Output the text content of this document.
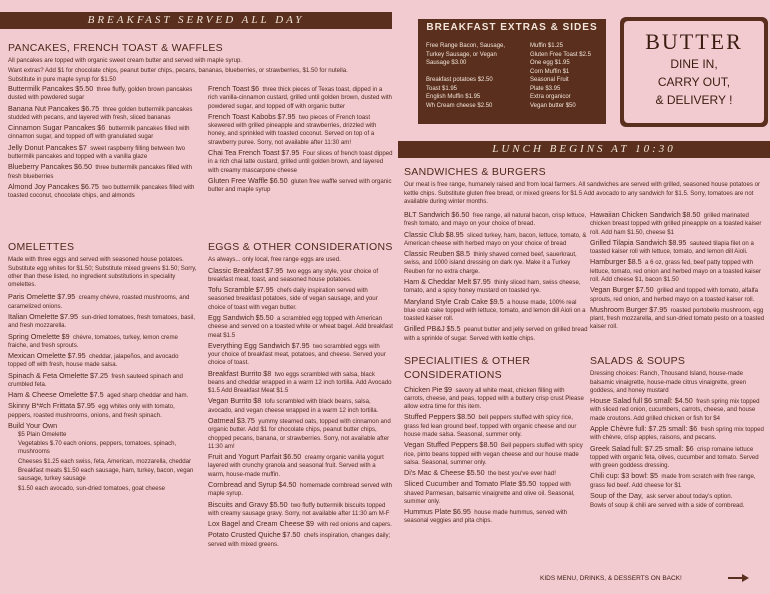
BREAKFAST SERVED ALL DAY
BREAKFAST EXTRAS & SIDES
LUNCH BEGINS AT 10:30
Free Range Bacon, Sausage,
Turkey Sausage, or Vegan
Sausage $3.00
Breakfast potatoes $2.50
Toast $1.95
English Muffin $1.95
Wh Cream cheese $2.50
Muffin $1.25
Gluten Free Toast $2.5
One egg $1.95
Corn Muffin $1
Seasonal Fruit
Plate $3.95
Extra organicor
Vegan butter $50
BUTTER
DINE IN,
CARRY OUT,
& DELIVERY !
PANCAKES, FRENCH TOAST & WAFFLES

All pancakes are topped with organic sweet cream butter and served with maple syrup.

Want extras? Add $1 for chocolate chips, peanut butter chips, pecans, bananas, blueberries, or strawberries, $1.50 for nutella.

Substitute in pure maple syrup for $1.50

Buttermilk Pancakes $5.50 three fluffy, golden brown pancakes dusted with powdered sugar

Banana Nut Pancakes $6.75 three golden buttermilk pancakes studded with pecans, and layered with fresh, sliced bananas

Cinnamon Sugar Pancakes $6 buttermilk pancakes filled with cinnamon sugar, and topped off with granulated sugar

Jelly Donut Pancakes $7 sweet raspberry filling between two buttermilk pancakes and topped with a vanilla glaze

Blueberry Pancakes $6.50 three buttermilk pancakes filled with fresh blueberries

Almond Joy Pancakes $6.75 two buttermilk pancakes filled with toasted coconut, chocolate chips, and almonds

French Toast $6 three thick pieces of Texas toast, dipped in a rich vanilla-cinnamon custard, grilled until golden brown, dusted with powdered sugar, and topped off with organic butter

French Toast Kabobs $7.95 two pieces of French toast skewered with grilled pineapple and strawberries, drizzled with honey, and sprinkled with toasted coconut. Served on top of a strawberry puree. Sorry, not available after 11:30 am!

Chai Tea French Toast $7.95 Four slices of french toast dipped in a rich chai latte custard, grilled until golden brown, and layered with creamy mascarpone cheese

Gluten Free Waffle $6.50 gluten free waffle served with organic butter and maple syrup

OMELETTES

Made with three eggs and served with seasoned house potatoes. Substitute egg whites for $1.50; Substitute mixed greens $1.50; Sorry, other than these listed, no ingredient substitutions in speciality omelettes.

Paris Omelette $7.95 creamy chèvre, roasted mushrooms, and caramelized onions.

Italian Omelette $7.95 sun-dried tomatoes, fresh tomatoes, basil, and fresh mozzarella.

Spring Omelette $9 chèvre, tomatoes, turkey, lemon creme fraiche, and fresh sprouts.

Mexican Omelette $7.95 cheddar, jalapeños, and avocado topped off with fresh, house made salsa.

Spinach & Feta Omelette $7.25 fresh sauteed spinach and crumbled feta.

Ham & Cheese Omelette $7.5 aged sharp cheddar and ham.

Skinny B*#ch Frittata $7.95 egg whites only with tomato, peppers, roasted mushrooms, onions, and fresh spinach.

Build Your Own

$5 Plain Omelette

Vegetables $.70 each onions, peppers, tomatoes, spinach, mushrooms

Cheeses $1.25 each swiss, feta, American, mozzarella, cheddar

Breakfast meats $1.50 each sausage, ham, turkey, bacon, vegan sausage, turkey sausage

$1.50 each avocado, sun-dried tomatoes, goat cheese

EGGS & OTHER CONSIDERATIONS

As always... only local, free range eggs are used.

Classic Breakfast $7.95 two eggs any style, your choice of breakfast meat, toast, and seasoned house potatoes.

Tofu Scramble $7.95 chefs daily inspiration served with seasoned breakfast potatoes, side of vegan sausage, and your choice of toast with vegan butter.

Egg Sandwich $5.50 a scrambled egg topped with American cheese and served on a toasted white or wheat bagel. Add breakfast meat $1.5

Everything Egg Sandwich $7.95 two scrambled eggs with your choice of breakfast meat, potatoes, and cheese. Served your choice of toast.

Breakfast Burrito $8 two eggs scrambled with salsa, black beans and cheddar wrapped in a warm 12 inch tortilla. Add Avocado $1.5 Add Breakfast Meat $1.5

Vegan Burrito $8 tofu scrambled with black beans, salsa, avocado, and vegan cheese wrapped in a warm 12 inch tortilla.

Oatmeal $3.75 yummy steamed oats, topped with cinnamon and organic butter. Add $1 for chocolate chips, peanut butter chips, chopped pecans, banana, or strawberries. Sorry, not available after 11:30 am!

Fruit and Yogurt Parfait $6.50 creamy organic vanilla yogurt layered with crunchy granola and seasonal fruit. Served with a warm, house-made muffin.

Cornbread and Syrup $4.50 homemade cornbread served with maple syrup.

Biscuits and Gravy $5.50 two fluffy buttermilk biscuits topped with creamy sausage gravy. Sorry, not available after 11:30 am M-F

Lox Bagel and Cream Cheese $9 with red onions and capers.

Potato Crusted Quiche $7.50 chefs inspiration, changes daily; served with mixed greens.

SANDWICHES & BURGERS

Our meat is free range, humanely raised and from local farmers. All sandwiches are served with grilled, seasoned house potatoes or kettle chips. Substitute gluten free bread, or mixed greens for $1.5 Add avocado to any sandwich for $1.5. Sorry, tomatoes are not available during winter months.

BLT Sandwich $6.50 free range, all natural bacon, crisp lettuce, fresh tomato, and mayo on your choice of bread.

Classic Club $8.95 sliced turkey, ham, bacon, lettuce, tomato, & American cheese with herbed mayo on your choice of bread

Classic Reuben $8.5 thinly shaved corned beef, sauerkraut, swiss, and 1000 island dressing on dark rye. Make it a Turkey Reuben for no extra charge.

Ham & Cheddar Melt $7.95 thinly sliced ham, swiss cheese, tomato, and a spicy honey mustard on toasted rye.

Maryland Style Crab Cake $9.5 a house made, 100% real blue crab cake topped with lettuce, tomato, and lemon dill Aioli on a toasted kaiser roll.

Grilled PB&J $5.5 peanut butter and jelly served on grilled bread with a sprinkle of sugar. Served with kettle chips.

Hawaiian Chicken Sandwich $8.50 grilled marinated chicken breast topped with grilled pineapple on a toasted kaiser roll. Add ham $1.50, cheese $1

Grilled Tilapia Sandwich $8.95 sauteed tilapia filet on a toasted kaiser roll with lettuce, tomato, and lemon dill Aioli.

Hamburger $8.5 a 6 oz, grass fed, beef patty topped with lettuce, tomato, red onion and herbed mayo on a toasted kaiser roll. Add cheese $1, bacon $1.50

Vegan Burger $7.50 grilled and topped with tomato, alfalfa sprouts, red onion, and herbed mayo on a toasted kaiser roll.

Mushroom Burger $7.95 roasted portobello mushroom, egg plant, fresh mozzarella, and sun-dried tomato pesto on a toasted kaiser roll.

SPECIALITIES & OTHER CONSIDERATIONS

Chicken Pie $9 savory all white meat, chicken filling with carrots, cheese, and peas, topped with a buttery crisp crust Please allow extra time for this item.

Stuffed Peppers $8.50 bell peppers stuffed with spicy rice, grass fed lean ground beef, topped with organic cheese and our house made salsa. Seasonal, summer only.

Vegan Stuffed Peppers $8.50 Bell peppers stuffed with spicy rice, pinto beans topped with vegan cheese and our house made salsa. Seasonal, summer only.

Di's Mac & Cheese $5.50 the best you've ever had!

Sliced Cucumber and Tomato Plate $5.50 topped with shaved Parmesan, balsamic vinaigrette and olive oil. Seasonal, summer only.

Hummus Plate $6.95 house made hummus, served with seasonal veggies and pita chips.

SALADS & SOUPS

Dressing choices: Ranch, Thousand Island, house-made balsamic vinaigrette, house-made citrus vinaigrette, green goddess, and honey mustard

House Salad full $6 small: $4.50 fresh spring mix topped with sliced red onion, cucumbers, carrots, cheese, and house made croutons. Add grilled chicken or fish for $4

Apple Chèvre full: $7.25 small: $6 fresh spring mix topped with chèvre, crisp apples, raisons, and pecans.

Greek Salad full: $7.25 small: $6 crisp romaine lettuce topped with organic feta, olives, cucumber and tomato. Served with green goddess dressing.

Chili cup: $3 bowl: $5 made from scratch with free range, grass fed beef. Add cheese for $1

Soup of the Day, ask server about today's option.

Bowls of soup & chili are served with a side of cornbread.

KIDS MENU, DRINKS, & DESSERTS ON BACK!
